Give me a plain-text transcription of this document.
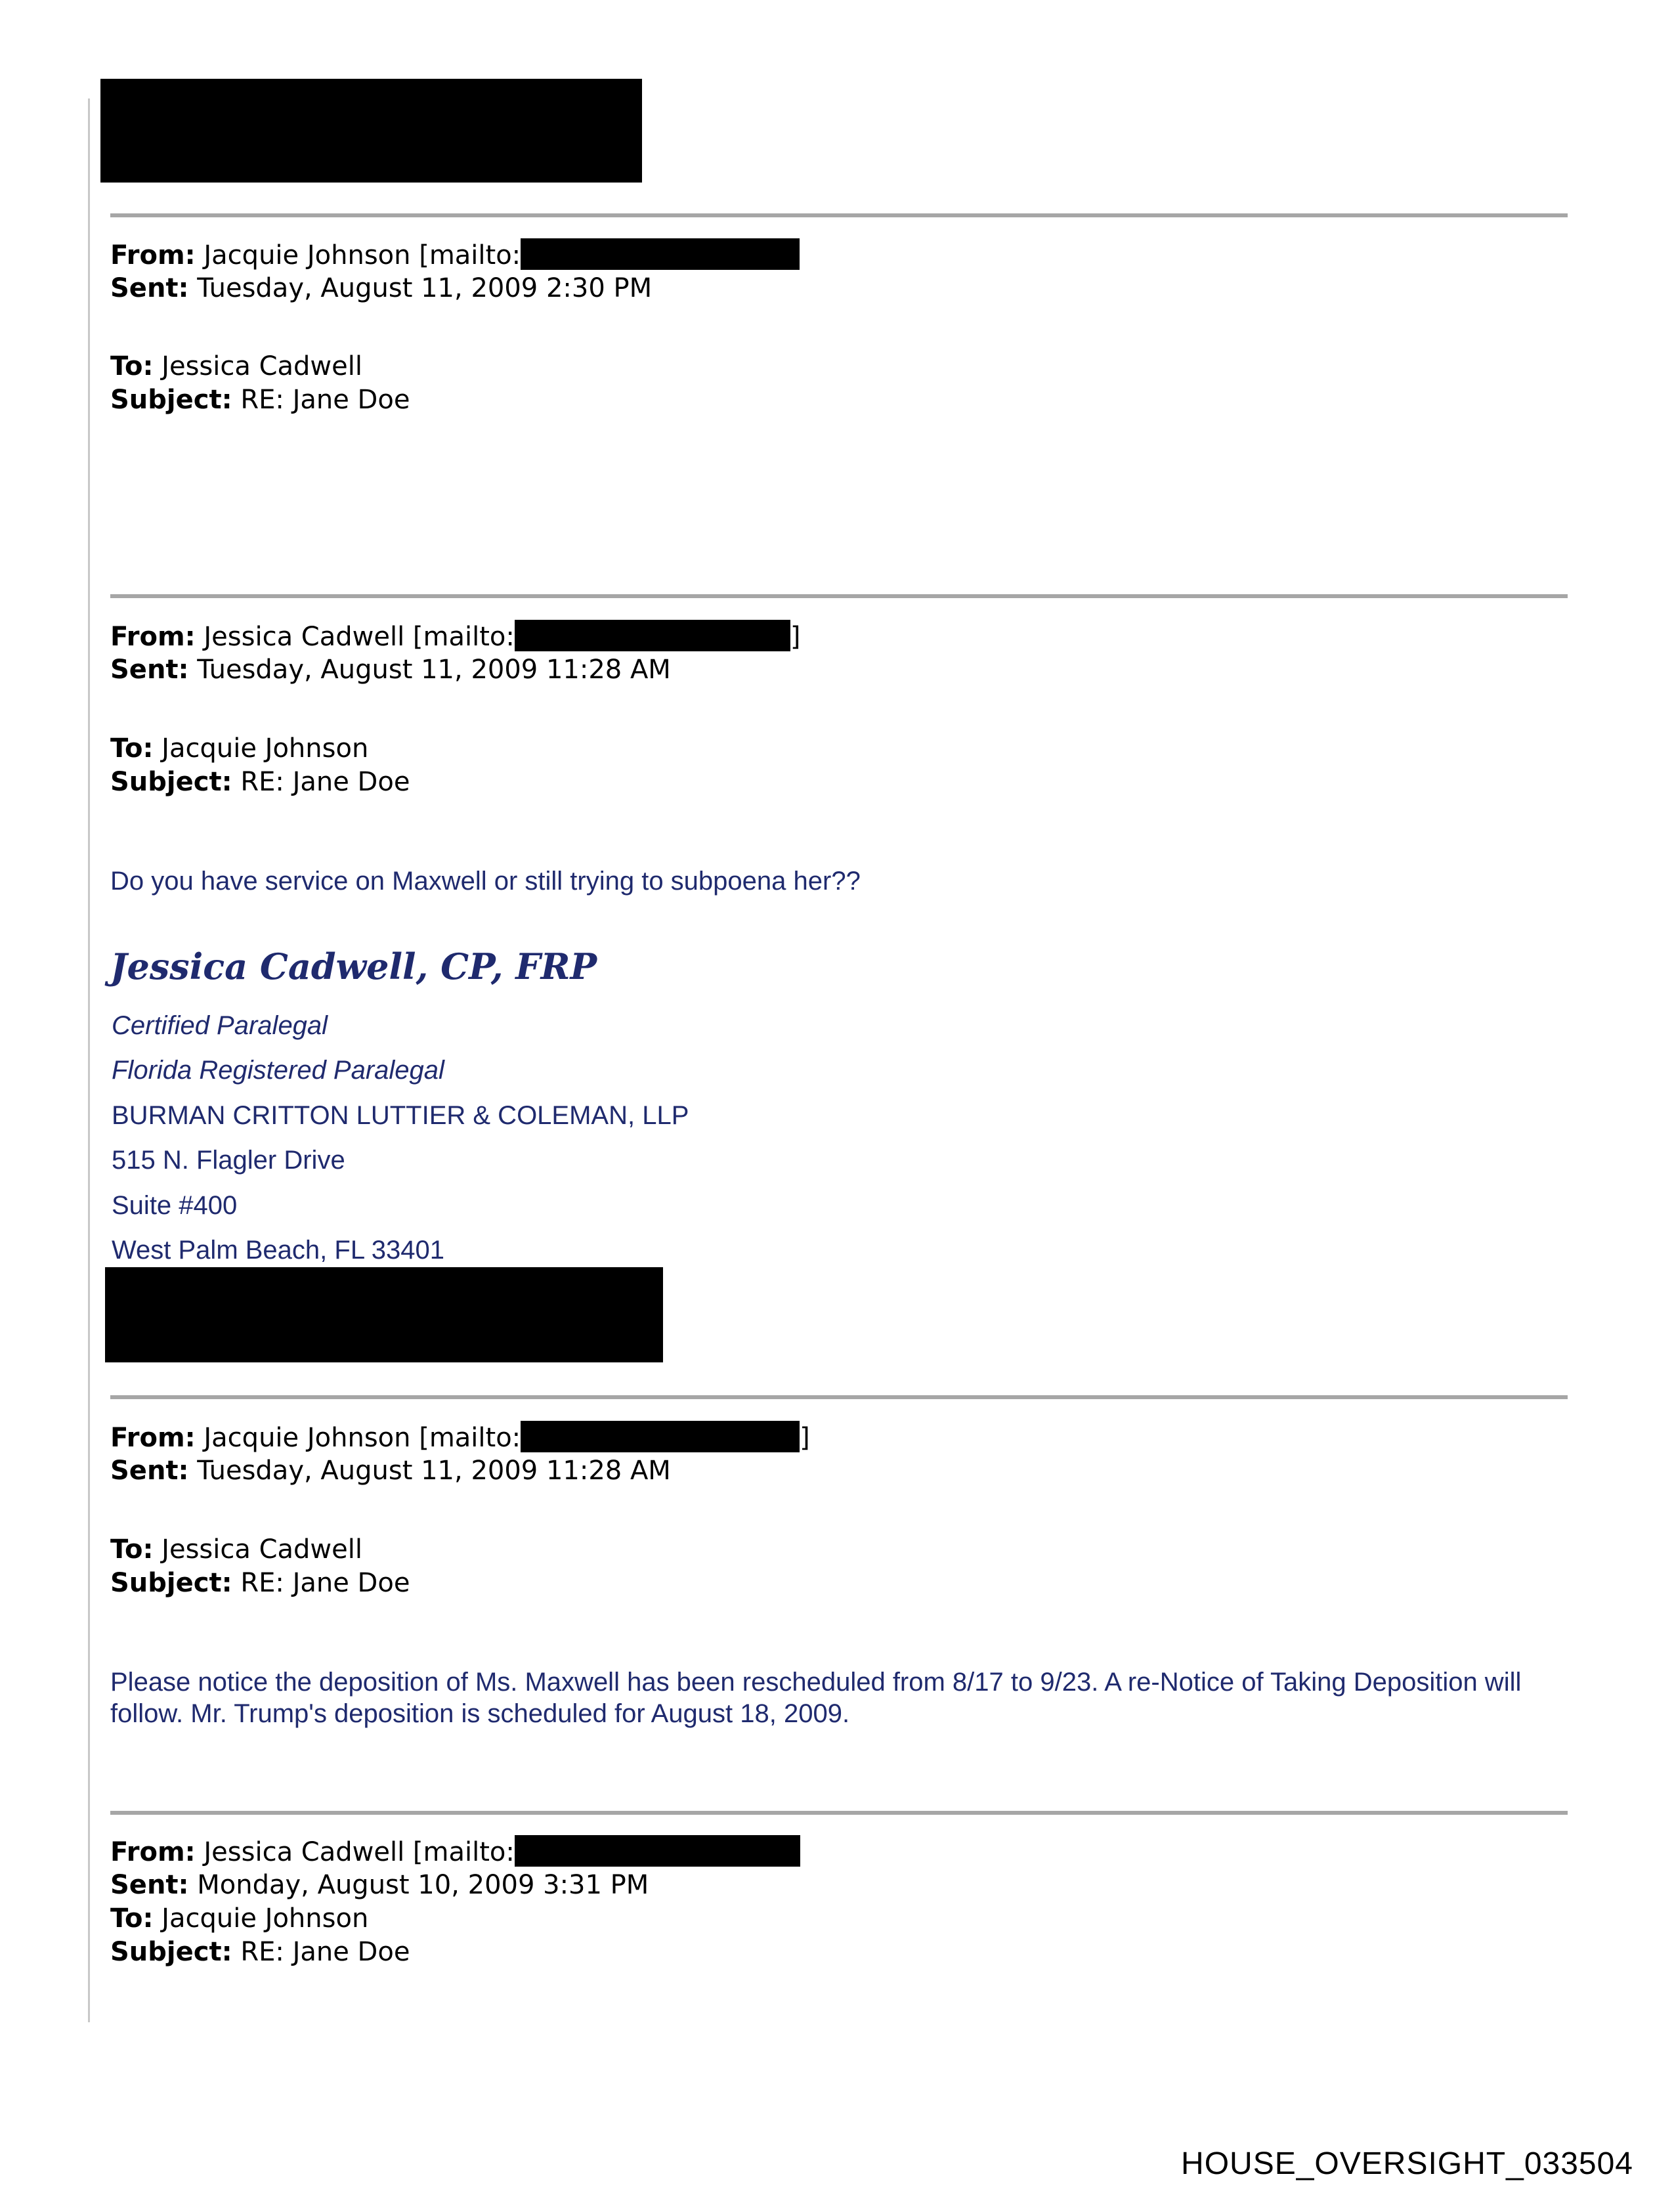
From: Jacquie Johnson [mailto:
Sent: Tuesday, August 11, 2009 2:30 PM
To: Jessica Cadwell
Subject: RE: Jane Doe
From: Jessica Cadwell [mailto:	]
Sent: Tuesday, August 11, 2009 11:28 AM
To: Jacquie Johnson
Subject: RE: Jane Doe
Do you have service on Maxwell or still trying to subpoena her??
Jessica Cadwell, CP, FRP
Certified Paralegal
Florida Registered Paralegal
BURMAN CRITTON LUTTIER & COLEMAN, LLP
515 N. Flagler Drive
Suite #400
West Palm Beach, FL 33401
From: Jacquie Johnson [mailto:	]
Sent: Tuesday, August 11, 2009 11:28 AM
To: Jessica Cadwell
Subject: RE: Jane Doe
Please notice the deposition of Ms. Maxwell has been rescheduled from 8/17 to 9/23. A re-Notice of Taking Deposition will follow. Mr. Trump's deposition is scheduled for August 18, 2009.
From: Jessica Cadwell [mailto:
Sent: Monday, August 10, 2009 3:31 PM
To: Jacquie Johnson
Subject: RE: Jane Doe
HOUSE_OVERSIGHT_033504
